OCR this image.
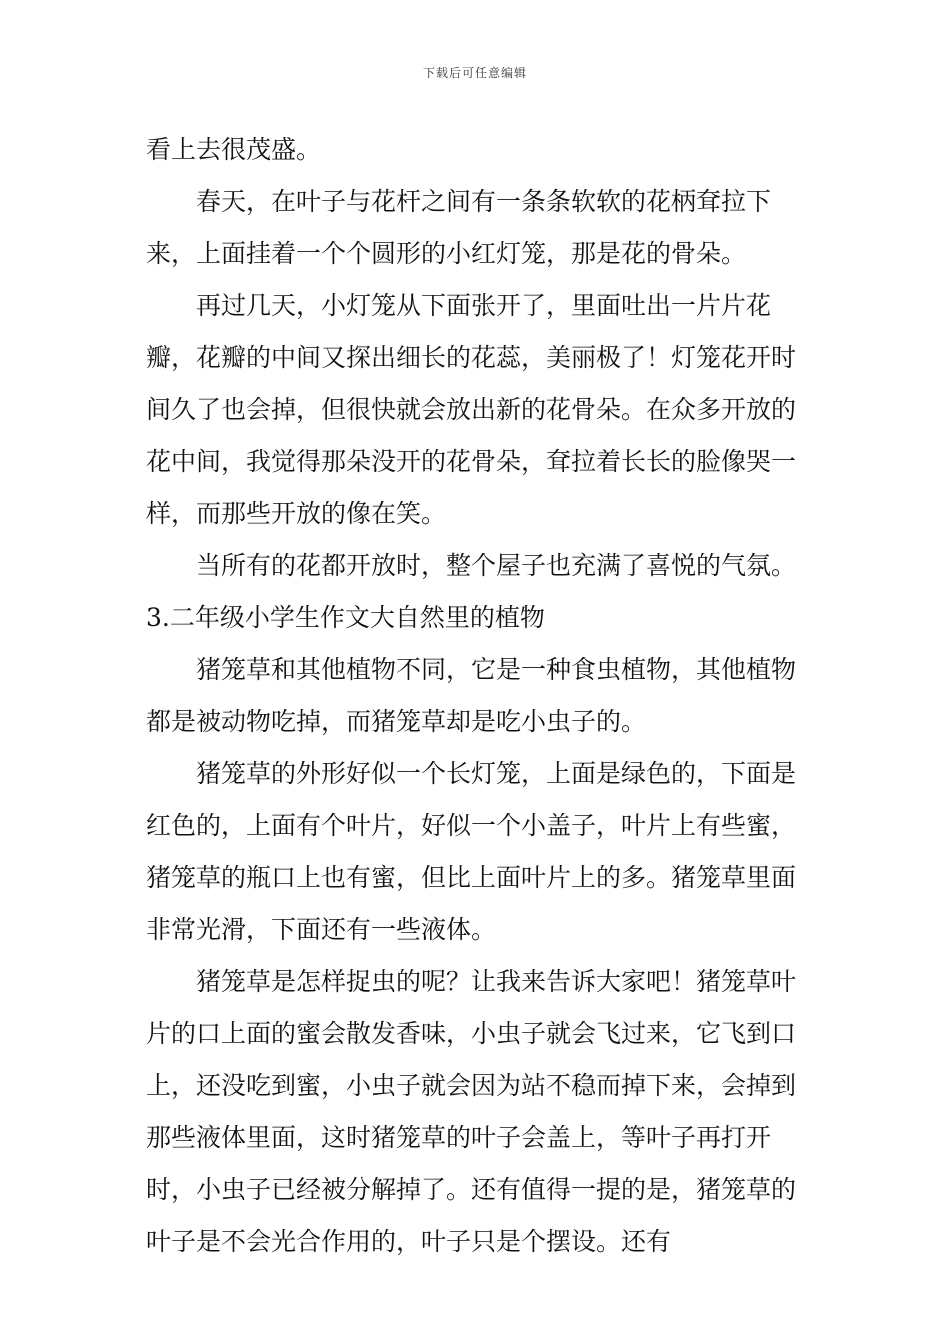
下载后可任意编辑

看上去很茂盛。

春天，在叶子与花杆之间有一条条软软的花柄耷拉下来，上面挂着一个个圆形的小红灯笼，那是花的骨朵。

再过几天，小灯笼从下面张开了，里面吐出一片片花瓣，花瓣的中间又探出细长的花蕊，美丽极了！灯笼花开时间久了也会掉，但很快就会放出新的花骨朵。在众多开放的花中间，我觉得那朵没开的花骨朵，耷拉着长长的脸像哭一样，而那些开放的像在笑。

当所有的花都开放时，整个屋子也充满了喜悦的气氛。

3.二年级小学生作文大自然里的植物

猪笼草和其他植物不同，它是一种食虫植物，其他植物都是被动物吃掉，而猪笼草却是吃小虫子的。

猪笼草的外形好似一个长灯笼，上面是绿色的，下面是红色的，上面有个叶片，好似一个小盖子，叶片上有些蜜，猪笼草的瓶口上也有蜜，但比上面叶片上的多。猪笼草里面非常光滑，下面还有一些液体。

猪笼草是怎样捉虫的呢？让我来告诉大家吧！猪笼草叶片的口上面的蜜会散发香味，小虫子就会飞过来，它飞到口上，还没吃到蜜，小虫子就会因为站不稳而掉下来，会掉到那些液体里面，这时猪笼草的叶子会盖上，等叶子再打开时，小虫子已经被分解掉了。还有值得一提的是，猪笼草的叶子是不会光合作用的，叶子只是个摆设。还有
